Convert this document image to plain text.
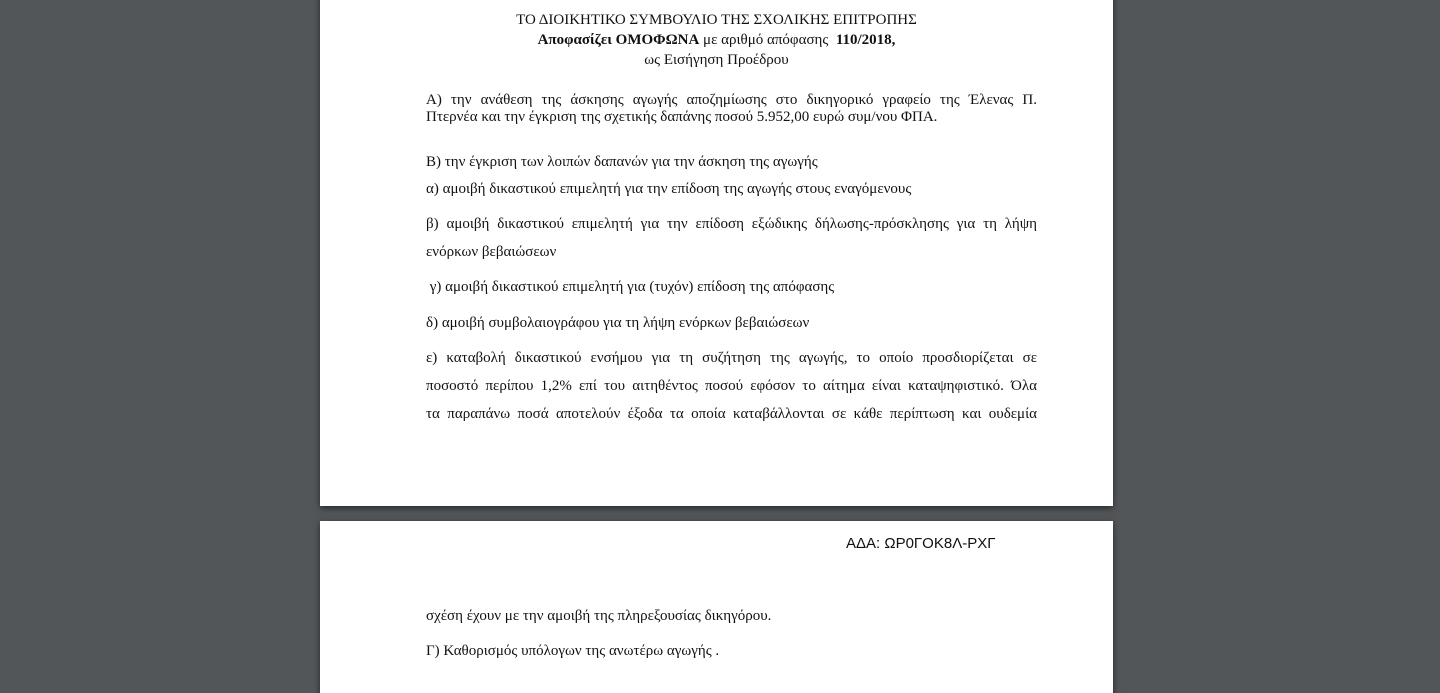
ΤΟ ΔΙΟΙΚΗΤΙΚΟ ΣΥΜΒΟΥΛΙΟ ΤΗΣ ΣΧΟΛΙΚΗΣ ΕΠΙΤΡΟΠΗΣ
Αποφασίζει ΟΜΟΦΩΝΑ με αριθμό απόφασης 110/2018,
ως Εισήγηση Προέδρου
Α) την ανάθεση της άσκησης αγωγής αποζημίωσης στο δικηγορικό γραφείο της Έλενας Π.
Πτερνέα και την έγκριση της σχετικής δαπάνης ποσού 5.952,00 ευρώ συμ/νου ΦΠΑ.
Β) την έγκριση των λοιπών δαπανών για την άσκηση της αγωγής
α) αμοιβή δικαστικού επιμελητή για την επίδοση της αγωγής στους εναγόμενους
β) αμοιβή δικαστικού επιμελητή για την επίδοση εξώδικης δήλωσης-πρόσκλησης για τη λήψη
ενόρκων βεβαιώσεων
γ) αμοιβή δικαστικού επιμελητή για (τυχόν) επίδοση της απόφασης
δ) αμοιβή συμβολαιογράφου για τη λήψη ενόρκων βεβαιώσεων
ε) καταβολή δικαστικού ενσήμου για τη συζήτηση της αγωγής, το οποίο προσδιορίζεται σε
ποσοστό περίπου 1,2% επί του αιτηθέντος ποσού εφόσον το αίτημα είναι καταψηφιστικό. Όλα
τα παραπάνω ποσά αποτελούν έξοδα τα οποία καταβάλλονται σε κάθε περίπτωση και ουδεμία
ΑΔΑ: ΩΡ0ΓΟΚ8Λ-ΡΧΓ
σχέση έχουν με την αμοιβή της πληρεξουσίας δικηγόρου.
Γ) Καθορισμός υπόλογων της ανωτέρω αγωγής .
